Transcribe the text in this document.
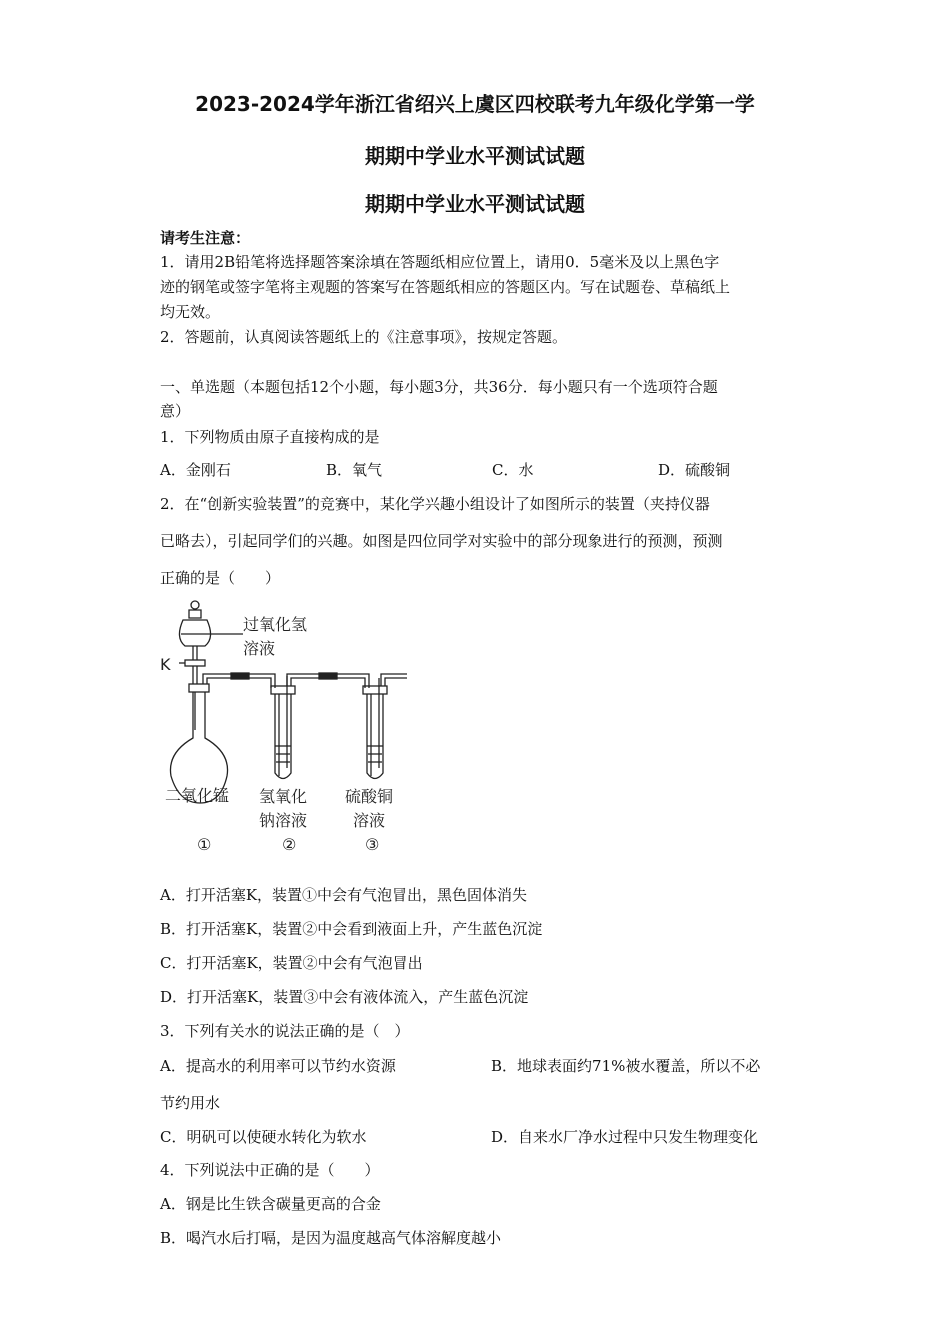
2023-2024学年浙江省绍兴上虞区四校联考九年级化学第一学
期期中学业水平测试试题
期期中学业水平测试试题
请考生注意：
1．请用2B铅笔将选择题答案涂填在答题纸相应位置上，请用0．5毫米及以上黑色字
迹的钢笔或签字笔将主观题的答案写在答题纸相应的答题区内。写在试题卷、草稿纸上
均无效。
2．答题前，认真阅读答题纸上的《注意事项》，按规定答题。
一、单选题（本题包括12个小题，每小题3分，共36分．每小题只有一个选项符合题
意）
1．下列物质由原子直接构成的是
A．金刚石	B．氧气	C．水	D．硫酸铜
2．在“创新实验装置”的竞赛中，某化学兴趣小组设计了如图所示的装置（夹持仪器
已略去），引起同学们的兴趣。如图是四位同学对实验中的部分现象进行的预测，预测
正确的是（　　）
过氧化氢
溶液
K
二氧化锰 氢氧化
钠溶液
硫酸铜
溶液
①	②	③
A．打开活塞K，装置①中会有气泡冒出，黑色固体消失
B．打开活塞K，装置②中会看到液面上升，产生蓝色沉淀
C．打开活塞K，装置②中会有气泡冒出
D．打开活塞K，装置③中会有液体流入，产生蓝色沉淀
3．下列有关水的说法正确的是（　）
A．提高水的利用率可以节约水资源	B．地球表面约71%被水覆盖，所以不必
节约用水
C．明矾可以使硬水转化为软水	D．自来水厂净水过程中只发生物理变化
4．下列说法中正确的是（　　）
A．钢是比生铁含碳量更高的合金
B．喝汽水后打嗝，是因为温度越高气体溶解度越小
